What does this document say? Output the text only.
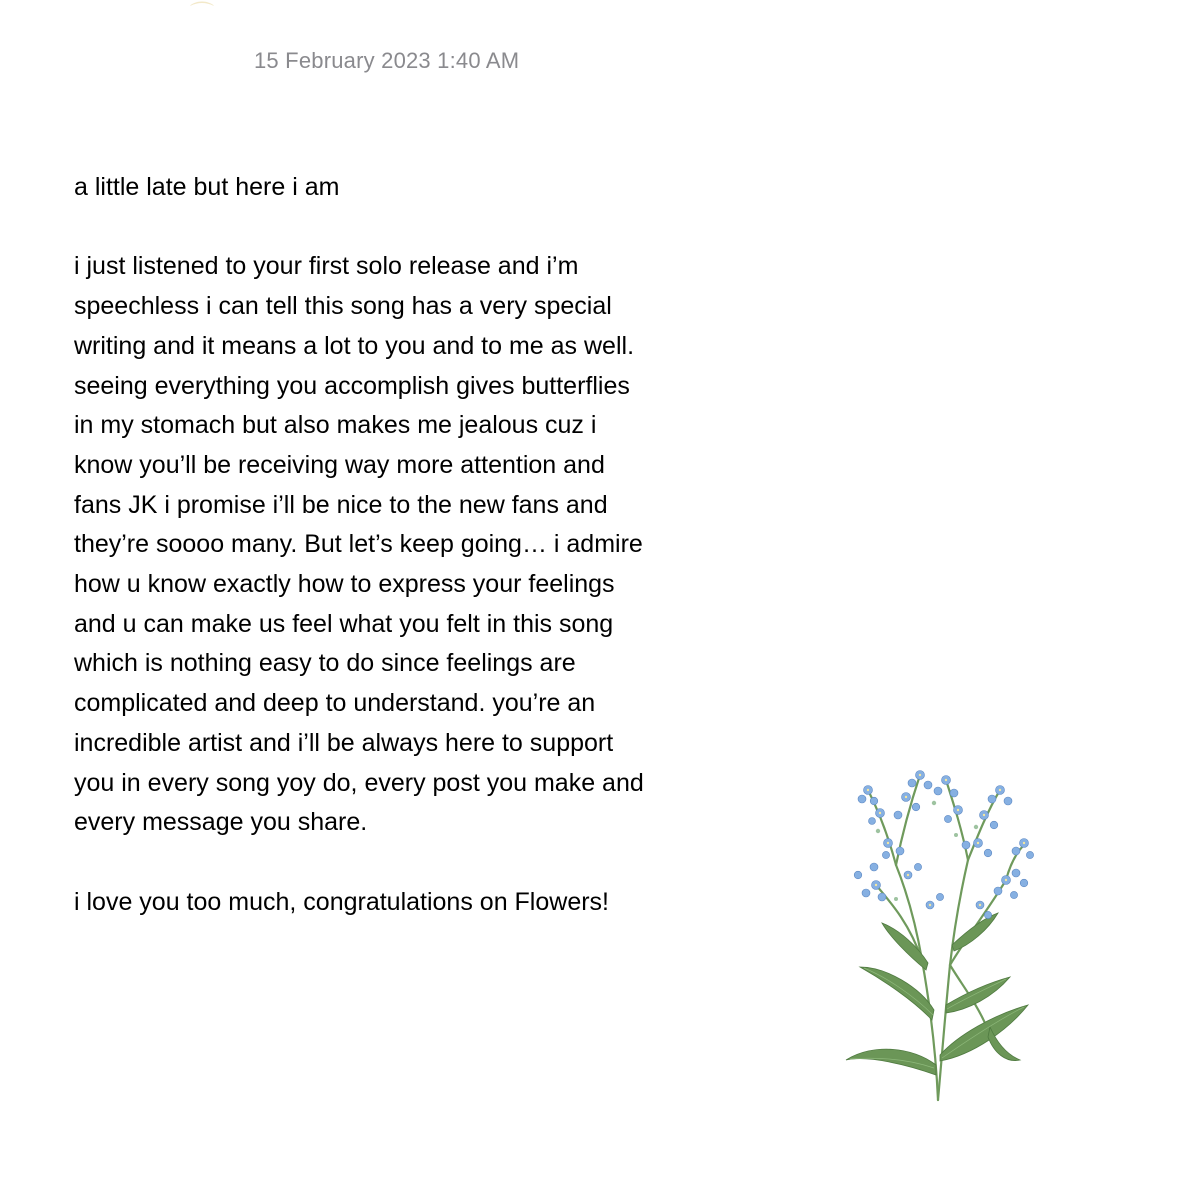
⌒
15 February 2023 1:40 AM

a little late but here i am

i just listened to your first solo release and i’m
speechless i can tell this song has a very special
writing and it means a lot to you and to me as well.
seeing everything you accomplish gives butterflies
in my stomach but also makes me jealous cuz i
know you’ll be receiving way more attention and
fans JK i promise i’ll be nice to the new fans and
they’re soooo many. But let’s keep going… i admire
how u know exactly how to express your feelings
and u can make us feel what you felt in this song
which is nothing easy to do since feelings are
complicated and deep to understand. you’re an
incredible artist and i’ll be always here to support
you in every song yoy do, every post you make and
every message you share.

i love you too much, congratulations on Flowers!
